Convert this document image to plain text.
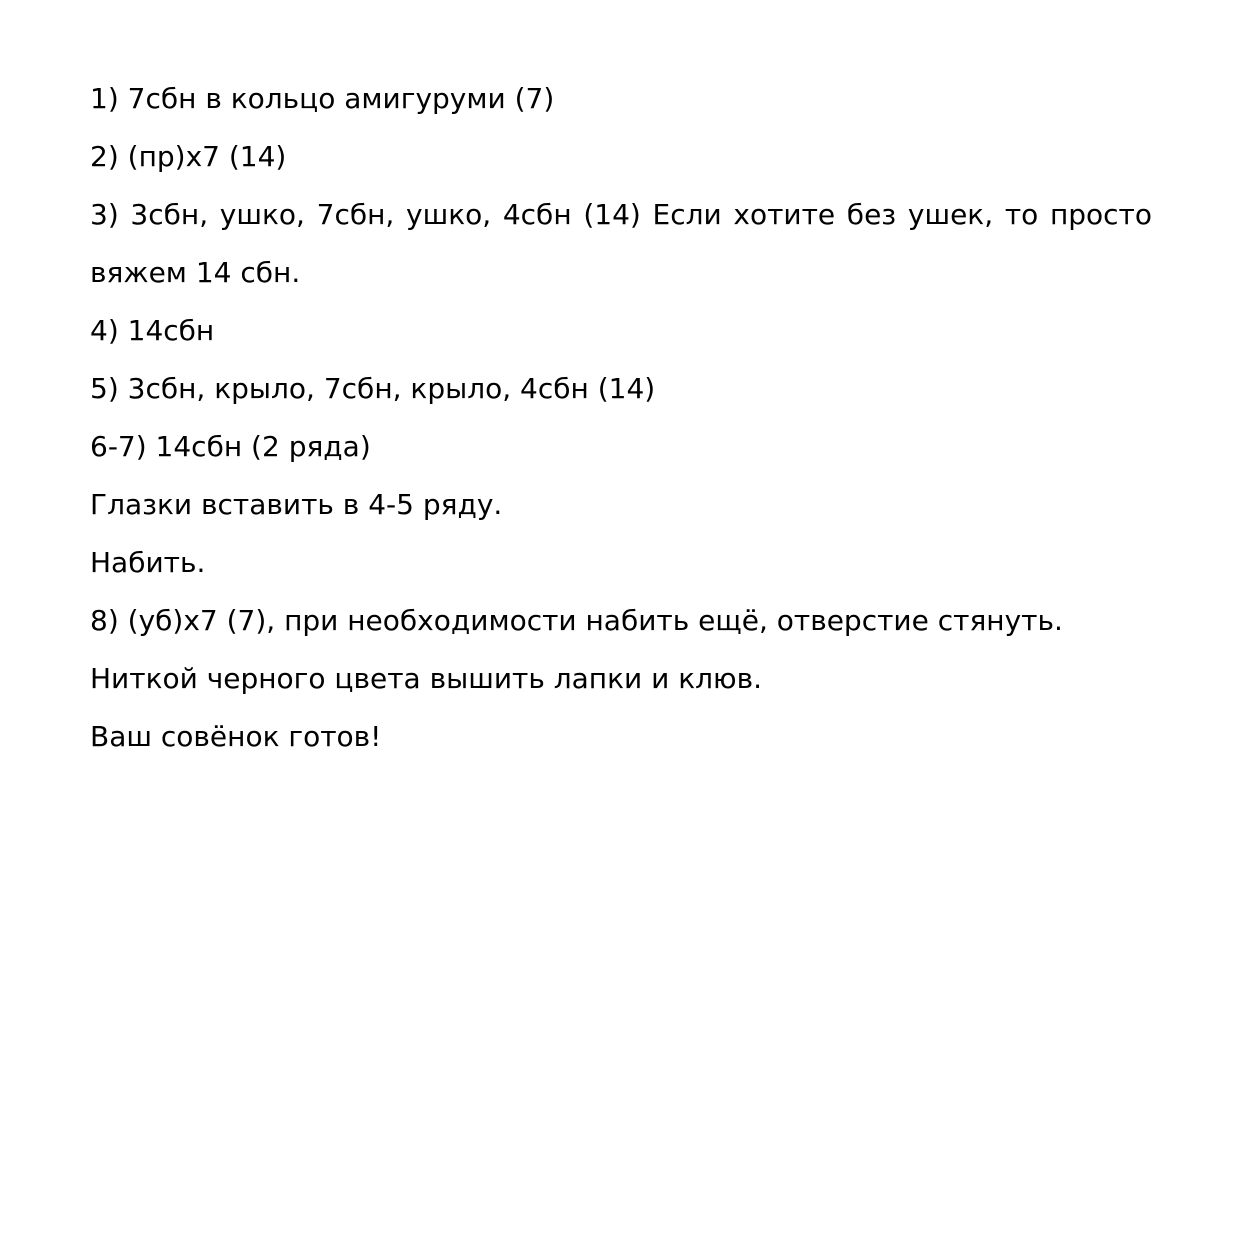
1) 7сбн в кольцо амигуруми (7)

2) (пр)х7 (14)

3) 3сбн, ушко, 7сбн, ушко, 4сбн (14) Если хотите без ушек, то просто вяжем 14 сбн.

4) 14сбн

5) 3сбн, крыло, 7сбн, крыло, 4сбн (14)

6-7) 14сбн (2 ряда)

Глазки вставить в 4-5 ряду.

Набить.

8) (уб)х7 (7), при необходимости набить ещё, отверстие стянуть.

Ниткой черного цвета вышить лапки и клюв.

Ваш совёнок готов!
